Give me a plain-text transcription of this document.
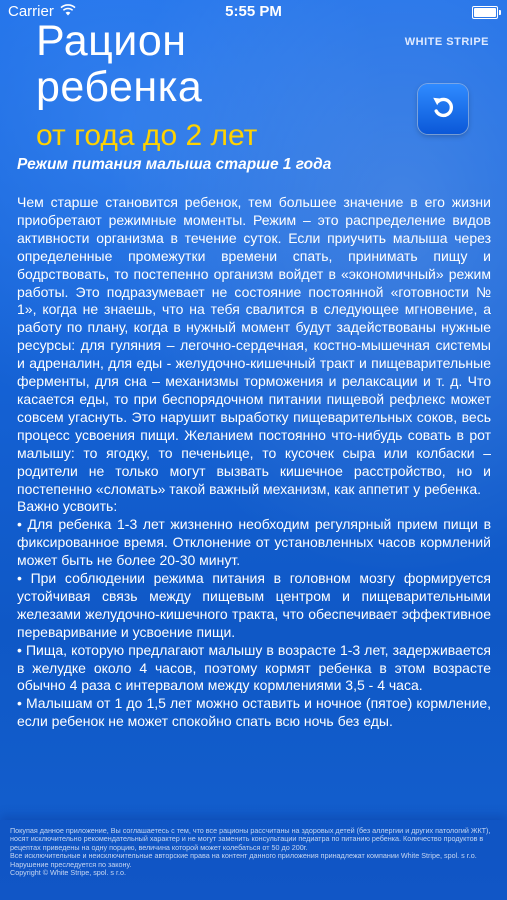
Carrier	5:55 PM
Рацион
ребенка
от года до 2 лет
WHITE STRIPE
Режим питания малыша старше 1 года

Чем старше становится ребенок, тем большее значение в его жизни приобретают режимные моменты. Режим – это распределение видов активности организма в течение суток. Если приучить малыша через определенные промежутки времени спать, принимать пищу и бодрствовать, то постепенно организм войдет в «экономичный» режим работы. Это подразумевает не состояние постоянной «готовности № 1», когда не знаешь, что на тебя свалится в следующее мгновение, а работу по плану, когда в нужный момент будут задействованы нужные ресурсы: для гуляния – легочно-сердечная, костно-мышечная системы и адреналин, для еды - желудочно-кишечный тракт и пищеварительные ферменты, для сна – механизмы торможения и релаксации и т. д. Что касается еды, то при беспорядочном питании пищевой рефлекс может совсем угаснуть. Это нарушит выработку пищеварительных соков, весь процесс усвоения пищи. Желанием постоянно что-нибудь совать в рот малышу: то ягодку, то печеньице, то кусочек сыра или колбаски – родители не только могут вызвать кишечное расстройство, но и постепенно «сломать» такой важный механизм, как аппетит у ребенка.

Важно усвоить:

• Для ребенка 1-3 лет жизненно необходим регулярный прием пищи в фиксированное время. Отклонение от установленных часов кормлений может быть не более 20-30 минут.

• При соблюдении режима питания в головном мозгу формируется устойчивая связь между пищевым центром и пищеварительными железами желудочно-кишечного тракта, что обеспечивает эффективное переваривание и усвоение пищи.

• Пища, которую предлагают малышу в возрасте 1-3 лет, задерживается в желудке около 4 часов, поэтому кормят ребенка в этом возрасте обычно 4 раза с интервалом между кормлениями 3,5 - 4 часа.

• Малышам от 1 до 1,5 лет можно оставить и ночное (пятое) кормление, если ребенок не может спокойно спать всю ночь без еды.

Покупая данное приложение, Вы соглашаетесь с тем, что все рационы рассчитаны на здоровых детей (без аллергии и других патологий ЖКТ), носят исключительно рекомендательный характер и не могут заменить консультации педиатра по питанию ребенка. Количество продуктов в рецептах приведены на одну порцию, величина которой может колебаться от 50 до 200г.

Все исключительные и неисключительные авторские права на контент данного приложения принадлежат компании White Stripe, spol. s r.o. Нарушение преследуется по закону.

Copyright © White Stripe, spol. s r.o.
